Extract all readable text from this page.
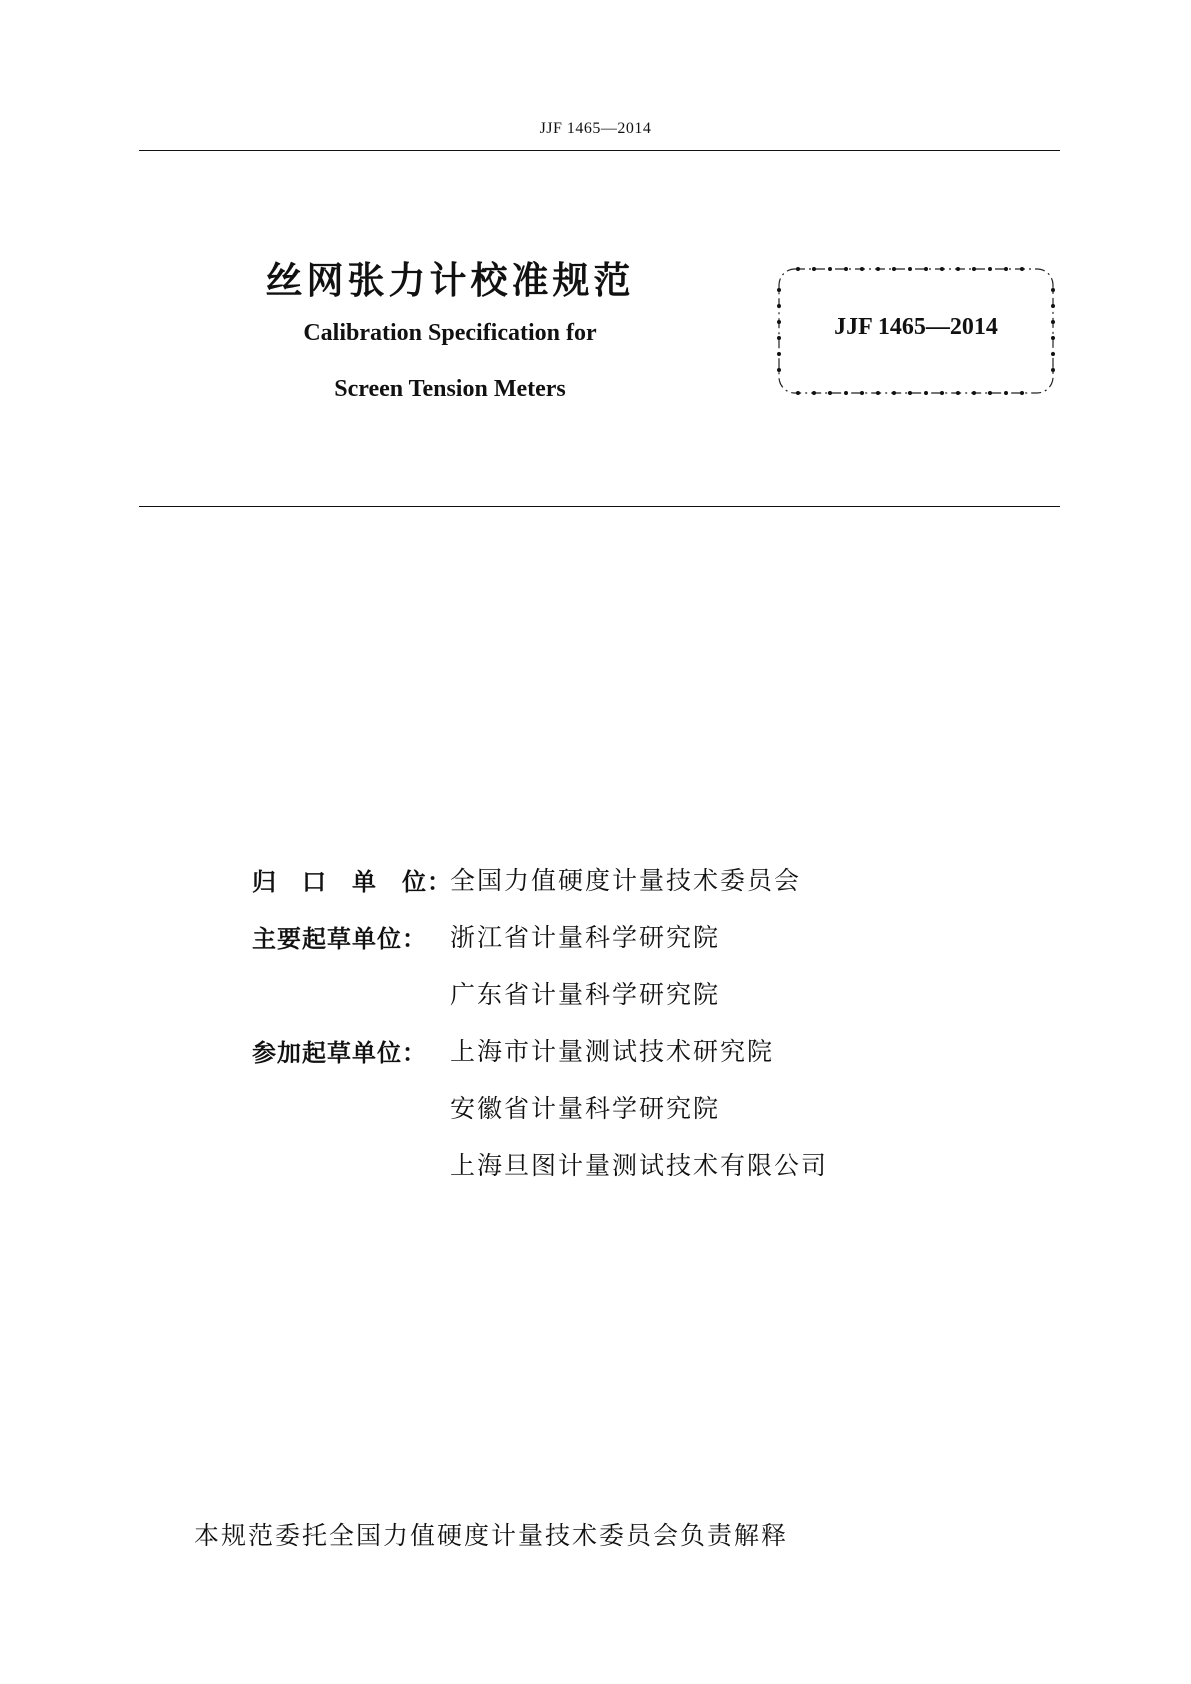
JJF 1465—2014
丝网张力计校准规范
Calibration Specification for
Screen Tension Meters
JJF 1465—2014
归　口　单　位：
全国力值硬度计量技术委员会
主要起草单位： 浙江省计量科学研究院
广东省计量科学研究院
参加起草单位： 上海市计量测试技术研究院
安徽省计量科学研究院
上海旦图计量测试技术有限公司
本规范委托全国力值硬度计量技术委员会负责解释
